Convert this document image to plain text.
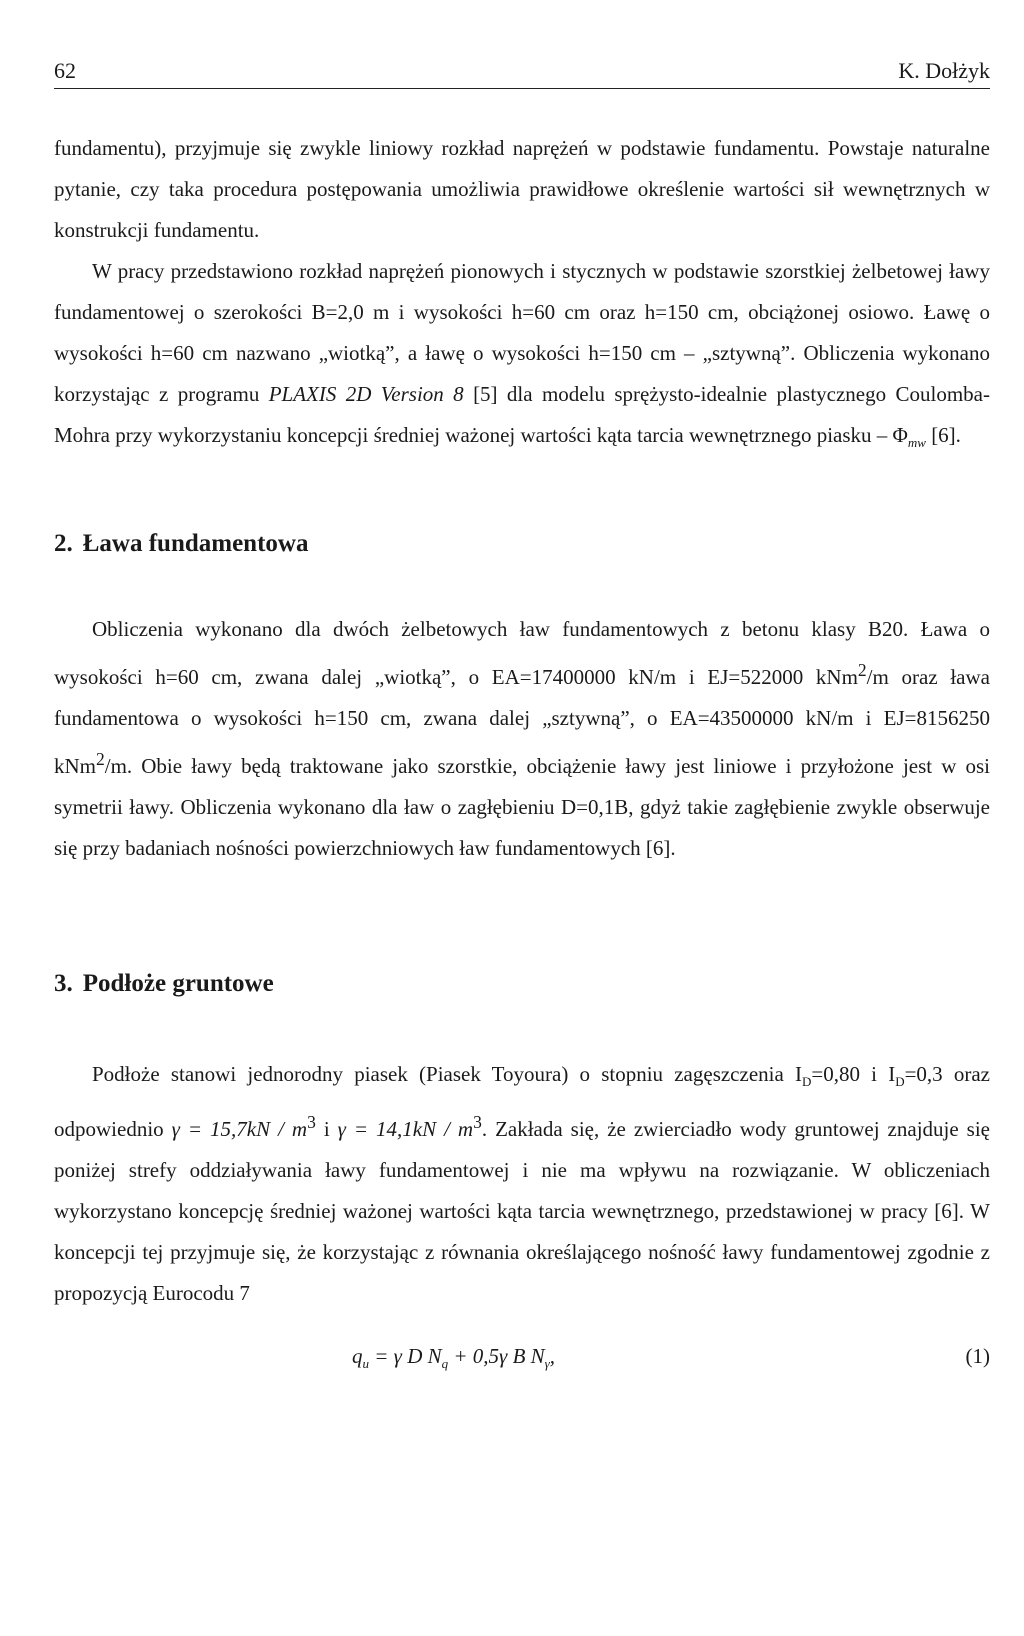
62	K. Dołżyk

fundamentu), przyjmuje się zwykle liniowy rozkład naprężeń w podstawie fundamentu. Powstaje naturalne pytanie, czy taka procedura postępowania umożliwia prawidłowe określenie wartości sił wewnętrznych w konstrukcji fundamentu.

W pracy przedstawiono rozkład naprężeń pionowych i stycznych w podstawie szorstkiej żelbetowej ławy fundamentowej o szerokości B=2,0 m i wysokości h=60 cm oraz h=150 cm, obciążonej osiowo. Ławę o wysokości h=60 cm nazwano „wiotką”, a ławę o wysokości h=150 cm – „sztywną”. Obliczenia wykonano korzystając z programu PLAXIS 2D Version 8 [5] dla modelu sprężysto-idealnie plastycznego Coulomba-Mohra przy wykorzystaniu koncepcji średniej ważonej wartości kąta tarcia wewnętrznego piasku – $\Phi_{mw}$ [6].

2. Ława fundamentowa

Obliczenia wykonano dla dwóch żelbetowych ław fundamentowych z betonu klasy B20. Ława o wysokości h=60 cm, zwana dalej „wiotką”, o EA=17400000 kN/m i EJ=522000 kNm$^2$/m oraz ława fundamentowa o wysokości h=150 cm, zwana dalej „sztywną”, o EA=43500000 kN/m i EJ=8156250 kNm$^2$/m. Obie ławy będą traktowane jako szorstkie, obciążenie ławy jest liniowe i przyłożone jest w osi symetrii ławy. Obliczenia wykonano dla ław o zagłębieniu D=0,1B, gdyż takie zagłębienie zwykle obserwuje się przy badaniach nośności powierzchniowych ław fundamentowych [6].

3. Podłoże gruntowe

Podłoże stanowi jednorodny piasek (Piasek Toyoura) o stopniu zagęszczenia $I_D=0,80$ i $I_D=0,3$ oraz odpowiednio $\gamma = 15,7kN / m^3$ i $\gamma = 14,1kN / m^3$. Zakłada się, że zwierciadło wody gruntowej znajduje się poniżej strefy oddziaływania ławy fundamentowej i nie ma wpływu na rozwiązanie. W obliczeniach wykorzystano koncepcję średniej ważonej wartości kąta tarcia wewnętrznego, przedstawionej w pracy [6]. W koncepcji tej przyjmuje się, że korzystając z równania określającego nośność ławy fundamentowej zgodnie z propozycją Eurocodu 7

$q_u = \gamma$ D $N_q + 0,5\gamma$ B $N_\gamma$,	(1)
